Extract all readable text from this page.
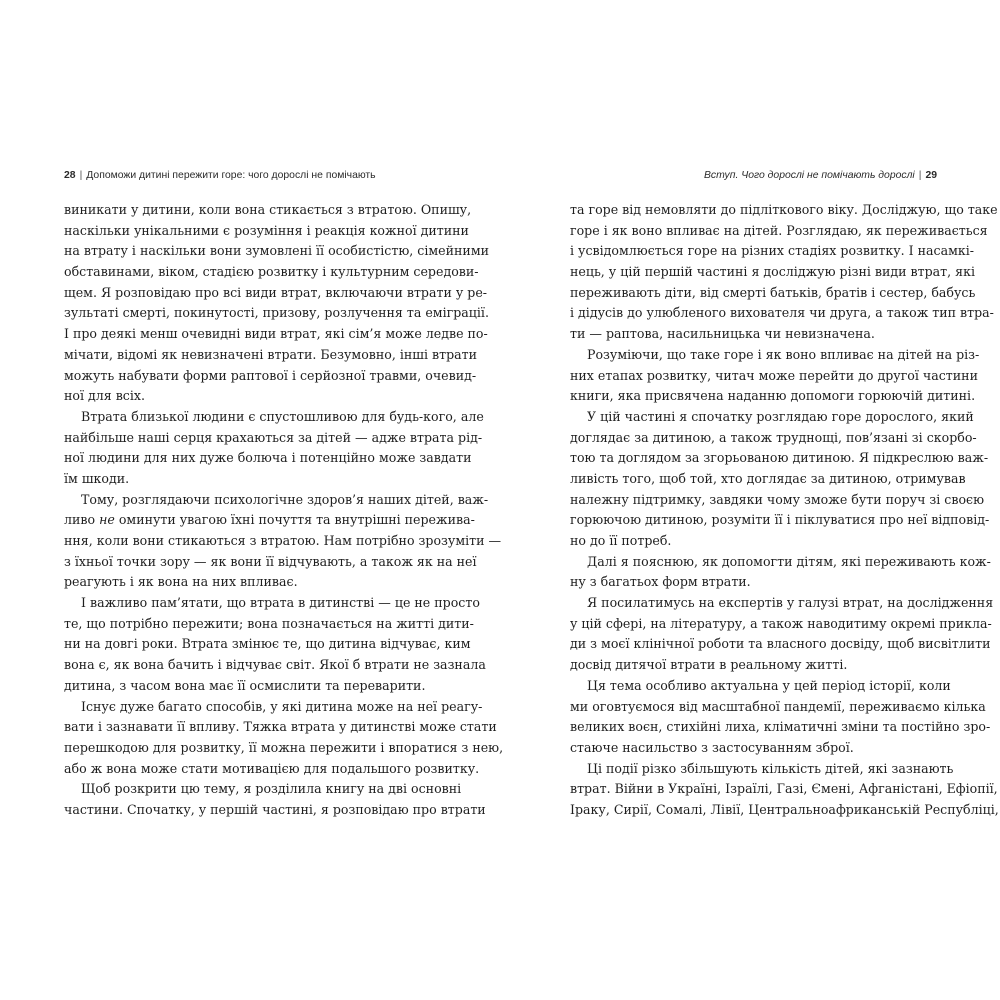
28 | Допоможи дитині пережити горе: чого дорослі не помічають
виникати у дитини, коли вона стикається з втратою. Опишу,
наскільки унікальними є розуміння і реакція кожної дитини
на втрату і наскільки вони зумовлені її особистістю, сімейними
обставинами, віком, стадією розвитку і культурним середови-
щем. Я розповідаю про всі види втрат, включаючи втрати у ре-
зультаті смерті, покинутості, призову, розлучення та еміграції.
І про деякі менш очевидні види втрат, які сім’я може ледве по-
мічати, відомі як невизначені втрати. Безумовно, інші втрати
можуть набувати форми раптової і серйозної травми, очевид-
ної для всіх.
Втрата близької людини є спустошливою для будь-кого, але
найбільше наші серця крахаються за дітей — адже втрата рід-
ної людини для них дуже болюча і потенційно може завдати
їм шкоди.
Тому, розглядаючи психологічне здоров’я наших дітей, важ-
ливо не оминути увагою їхні почуття та внутрішні пережива-
ння, коли вони стикаються з втратою. Нам потрібно зрозуміти —
з їхньої точки зору — як вони її відчувають, а також як на неї
реагують і як вона на них впливає.
І важливо пам’ятати, що втрата в дитинстві — це не просто
те, що потрібно пережити; вона позначається на житті дити-
ни на довгі роки. Втрата змінює те, що дитина відчуває, ким
вона є, як вона бачить і відчуває світ. Якої б втрати не зазнала
дитина, з часом вона має її осмислити та переварити.
Існує дуже багато способів, у які дитина може на неї реагу-
вати і зазнавати її впливу. Тяжка втрата у дитинстві може стати
перешкодою для розвитку, її можна пережити і впоратися з нею,
або ж вона може стати мотивацією для подальшого розвитку.
Щоб розкрити цю тему, я розділила книгу на дві основні
частини. Спочатку, у першій частині, я розповідаю про втрати
Вступ. Чого дорослі не помічають дорослі | 29
та горе від немовляти до підліткового віку. Досліджую, що таке
горе і як воно впливає на дітей. Розглядаю, як переживається
і усвідомлюється горе на різних стадіях розвитку. І насамкі-
нець, у цій першій частині я досліджую різні види втрат, які
переживають діти, від смерті батьків, братів і сестер, бабусь
і дідусів до улюбленого вихователя чи друга, а також тип втра-
ти — раптова, насильницька чи невизначена.
Розуміючи, що таке горе і як воно впливає на дітей на різ-
них етапах розвитку, читач може перейти до другої частини
книги, яка присвячена наданню допомоги горюючій дитині.
У цій частині я спочатку розглядаю горе дорослого, який
доглядає за дитиною, а також труднощі, пов’язані зі скорбо-
тою та доглядом за згорьованою дитиною. Я підкреслюю важ-
ливість того, щоб той, хто доглядає за дитиною, отримував
належну підтримку, завдяки чому зможе бути поруч зі своєю
горюючою дитиною, розуміти її і піклуватися про неї відповід-
но до її потреб.
Далі я пояснюю, як допомогти дітям, які переживають кож-
ну з багатьох форм втрати.
Я посилатимусь на експертів у галузі втрат, на дослідження
у цій сфері, на літературу, а також наводитиму окремі прикла-
ди з моєї клінічної роботи та власного досвіду, щоб висвітлити
досвід дитячої втрати в реальному житті.
Ця тема особливо актуальна у цей період історії, коли
ми оговтуємося від масштабної пандемії, переживаємо кілька
великих воєн, стихійні лиха, кліматичні зміни та постійно зро-
стаюче насильство з застосуванням зброї.
Ці події різко збільшують кількість дітей, які зазнають
втрат. Війни в Україні, Ізраїлі, Газі, Ємені, Афганістані, Ефіопії,
Іраку, Сирії, Сомалі, Лівії, Центральноафриканській Республіці,
